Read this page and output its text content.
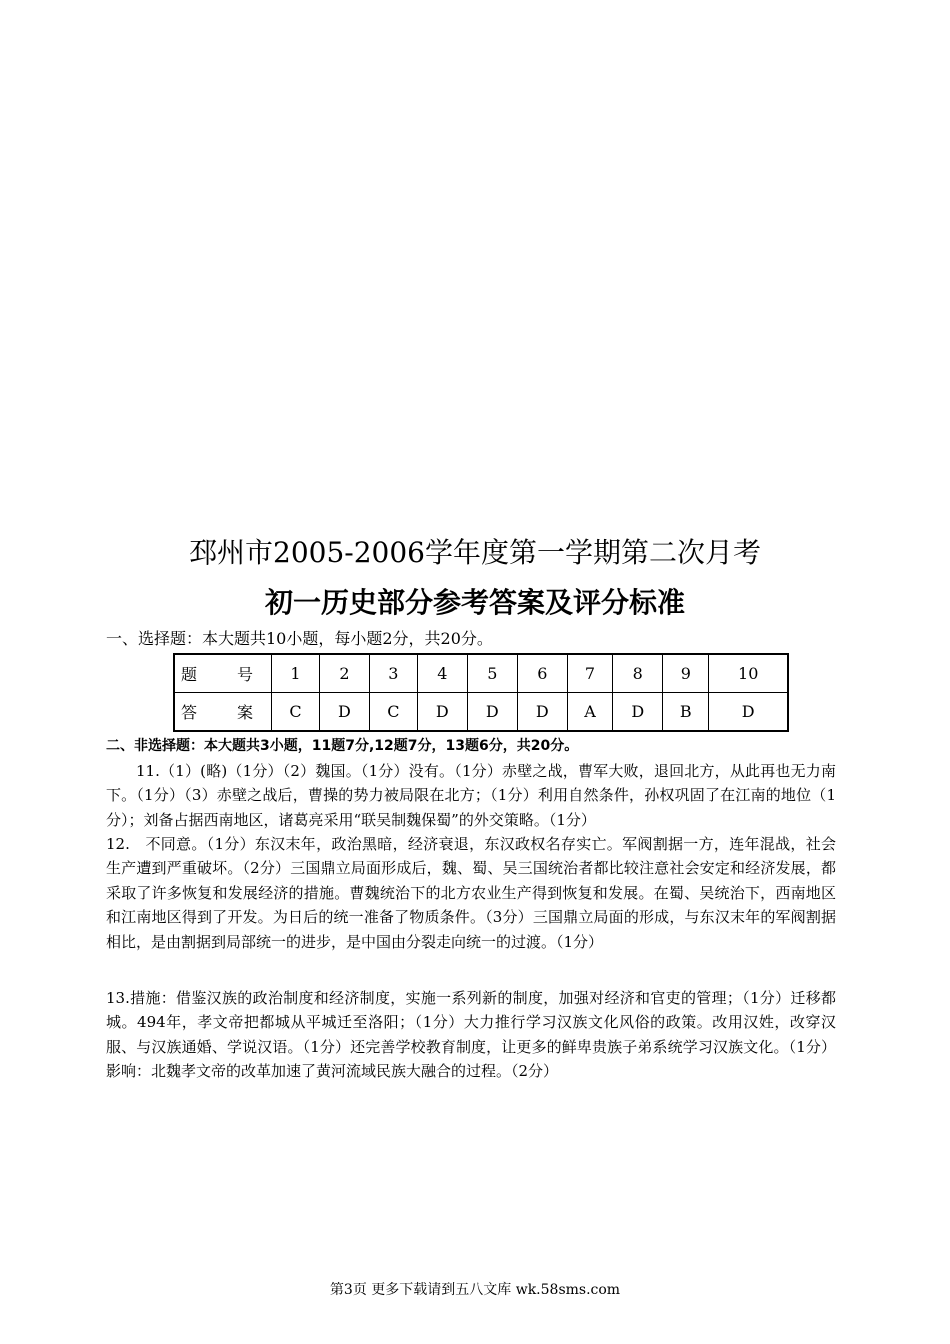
邳州市2005-2006学年度第一学期第二次月考
初一历史部分参考答案及评分标准
一、选择题：本大题共10小题，每小题2分，共20分。
题　号	1	2	3	4	5	6	7	8	9	10
答　案	C	D	C	D	D	D	A	D	B	D
二、非选择题：本大题共3小题，11题7分,12题7分，13题6分，共20分。
11.（1）(略)（1分）（2）魏国。（1分）没有。（1分）赤壁之战，曹军大败，退回北方，从此再也无力南下。（1分）（3）赤壁之战后，曹操的势力被局限在北方；（1分）利用自然条件，孙权巩固了在江南的地位（1分）；刘备占据西南地区，诸葛亮采用“联吴制魏保蜀”的外交策略。（1分）
12.　不同意。（1分）东汉末年，政治黑暗，经济衰退，东汉政权名存实亡。军阀割据一方，连年混战，社会生产遭到严重破坏。（2分）三国鼎立局面形成后，魏、蜀、吴三国统治者都比较注意社会安定和经济发展，都采取了许多恢复和发展经济的措施。曹魏统治下的北方农业生产得到恢复和发展。在蜀、吴统治下，西南地区和江南地区得到了开发。为日后的统一准备了物质条件。（3分）三国鼎立局面的形成，与东汉末年的军阀割据相比，是由割据到局部统一的进步，是中国由分裂走向统一的过渡。（1分）
13.措施：借鉴汉族的政治制度和经济制度，实施一系列新的制度，加强对经济和官吏的管理；（1分）迁移都城。494年，孝文帝把都城从平城迁至洛阳；（1分）大力推行学习汉族文化风俗的政策。改用汉姓，改穿汉服、与汉族通婚、学说汉语。（1分）还完善学校教育制度，让更多的鲜卑贵族子弟系统学习汉族文化。（1分）影响：北魏孝文帝的改革加速了黄河流域民族大融合的过程。（2分）
第3页 更多下载请到五八文库 wk.58sms.com
